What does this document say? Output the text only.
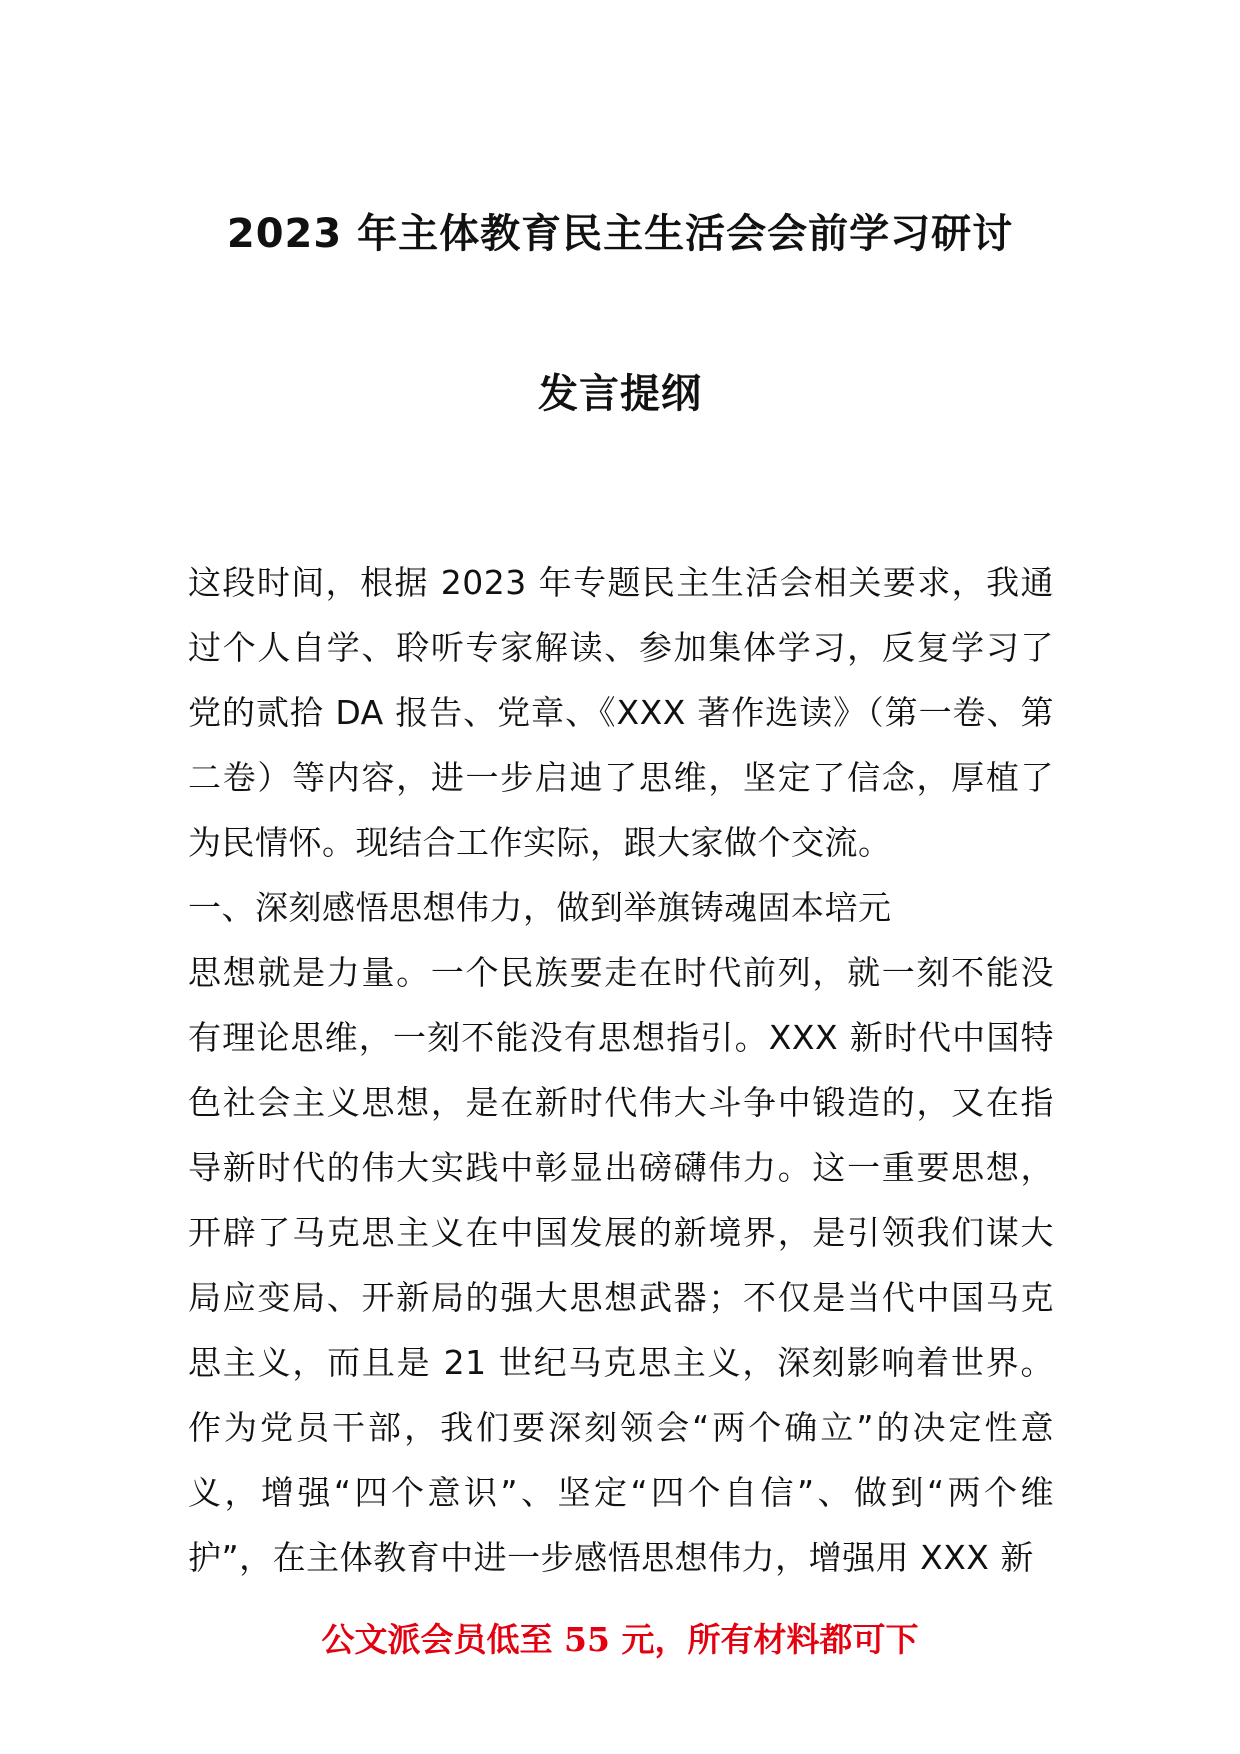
2023 年主体教育民主生活会会前学习研讨
发言提纲

这段时间，根据 2023 年专题民主生活会相关要求，我通过个人自学、聆听专家解读、参加集体学习，反复学习了党的贰拾 DA 报告、党章、《XXX 著作选读》（第一卷、第二卷）等内容，进一步启迪了思维，坚定了信念，厚植了为民情怀。现结合工作实际，跟大家做个交流。

一、深刻感悟思想伟力，做到举旗铸魂固本培元

思想就是力量。一个民族要走在时代前列，就一刻不能没有理论思维，一刻不能没有思想指引。XXX 新时代中国特色社会主义思想，是在新时代伟大斗争中锻造的，又在指导新时代的伟大实践中彰显出磅礴伟力。这一重要思想，开辟了马克思主义在中国发展的新境界，是引领我们谋大局应变局、开新局的强大思想武器；不仅是当代中国马克思主义，而且是 21 世纪马克思主义，深刻影响着世界。作为党员干部，我们要深刻领会“两个确立”的决定性意义，增强“四个意识”、坚定“四个自信”、做到“两个维护”，在主体教育中进一步感悟思想伟力，增强用 XXX 新

公文派会员低至 55 元，所有材料都可下
